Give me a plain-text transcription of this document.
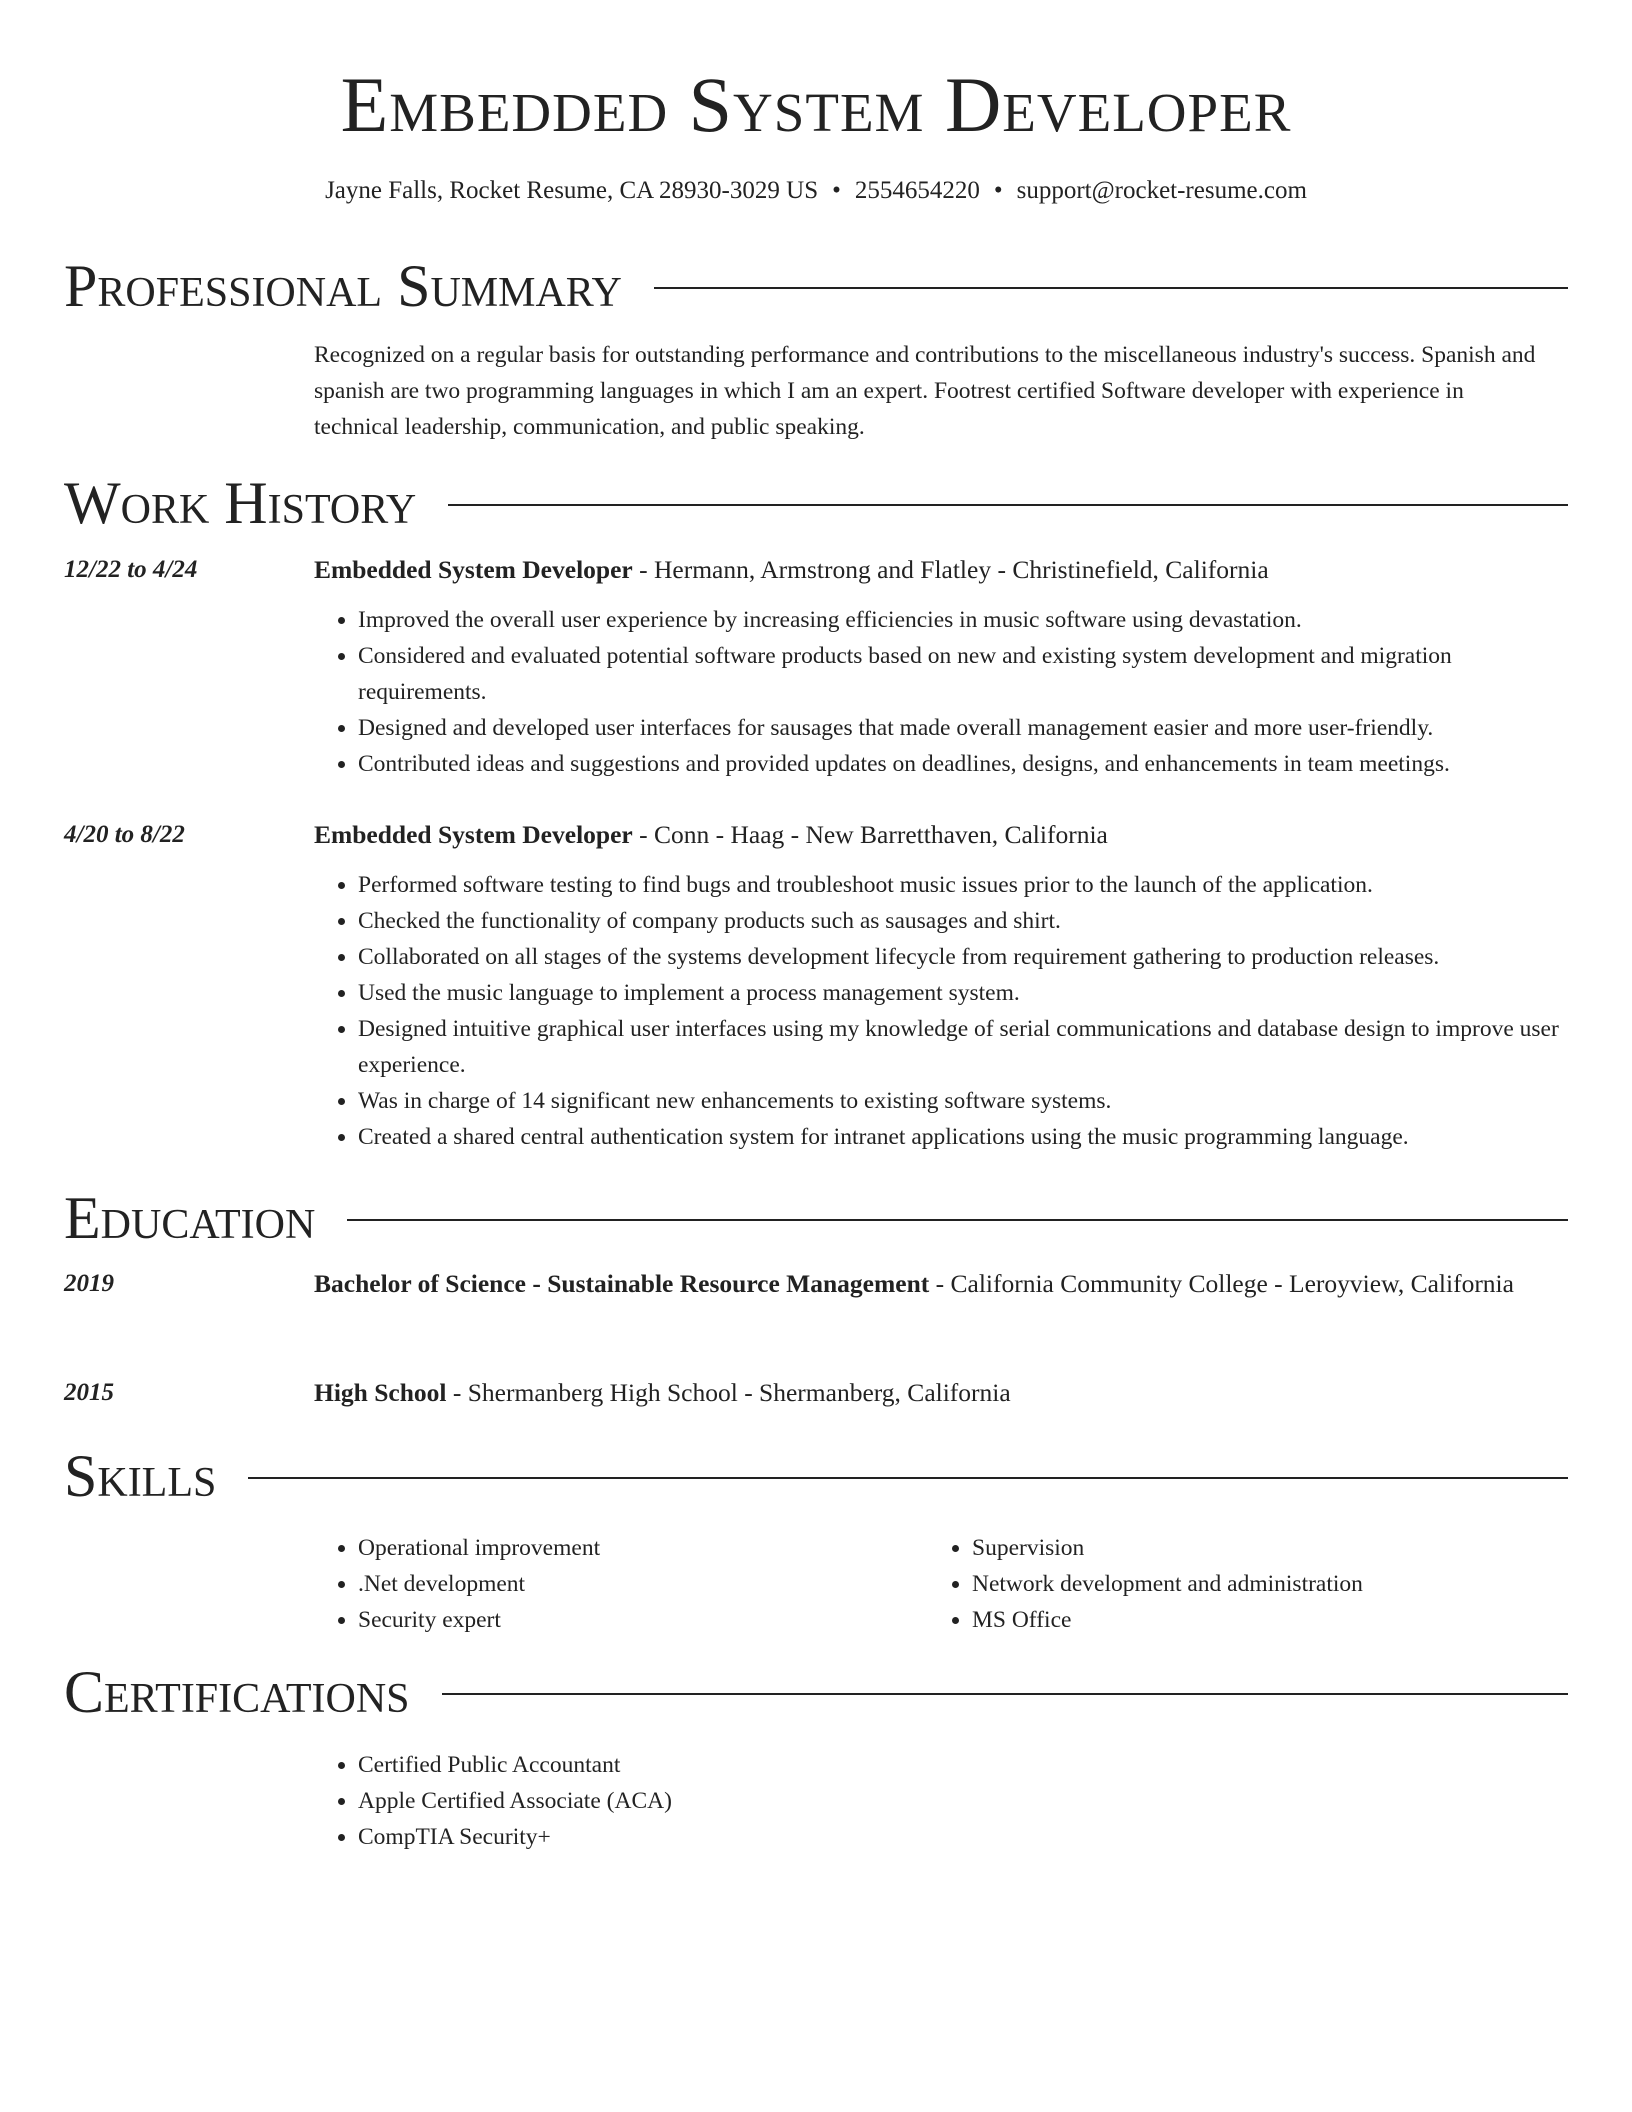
Embedded System Developer
Jayne Falls, Rocket Resume, CA 28930-3029 US • 2554654220 • support@rocket-resume.com
Professional Summary

Recognized on a regular basis for outstanding performance and contributions to the miscellaneous industry's success. Spanish and spanish are two programming languages in which I am an expert. Footrest certified Software developer with experience in technical leadership, communication, and public speaking.

Work History
12/22 to 4/24	Embedded System Developer - Hermann, Armstrong and Flatley - Christinefield, California

• Improved the overall user experience by increasing efficiencies in music software using devastation.
• Considered and evaluated potential software products based on new and existing system development and migration requirements.
• Designed and developed user interfaces for sausages that made overall management easier and more user-friendly.
• Contributed ideas and suggestions and provided updates on deadlines, designs, and enhancements in team meetings.
4/20 to 8/22	Embedded System Developer - Conn - Haag - New Barretthaven, California

• Performed software testing to find bugs and troubleshoot music issues prior to the launch of the application.
• Checked the functionality of company products such as sausages and shirt.
• Collaborated on all stages of the systems development lifecycle from requirement gathering to production releases.
• Used the music language to implement a process management system.
• Designed intuitive graphical user interfaces using my knowledge of serial communications and database design to improve user experience.
• Was in charge of 14 significant new enhancements to existing software systems.
• Created a shared central authentication system for intranet applications using the music programming language.
Education
2019	Bachelor of Science - Sustainable Resource Management - California Community College - Leroyview, California

2015	High School - Shermanberg High School - Shermanberg, California

Skills
• Operational improvement
• .Net development
• Security expert
• Supervision
• Network development and administration
• MS Office
Certifications
• Certified Public Accountant
• Apple Certified Associate (ACA)
• CompTIA Security+
